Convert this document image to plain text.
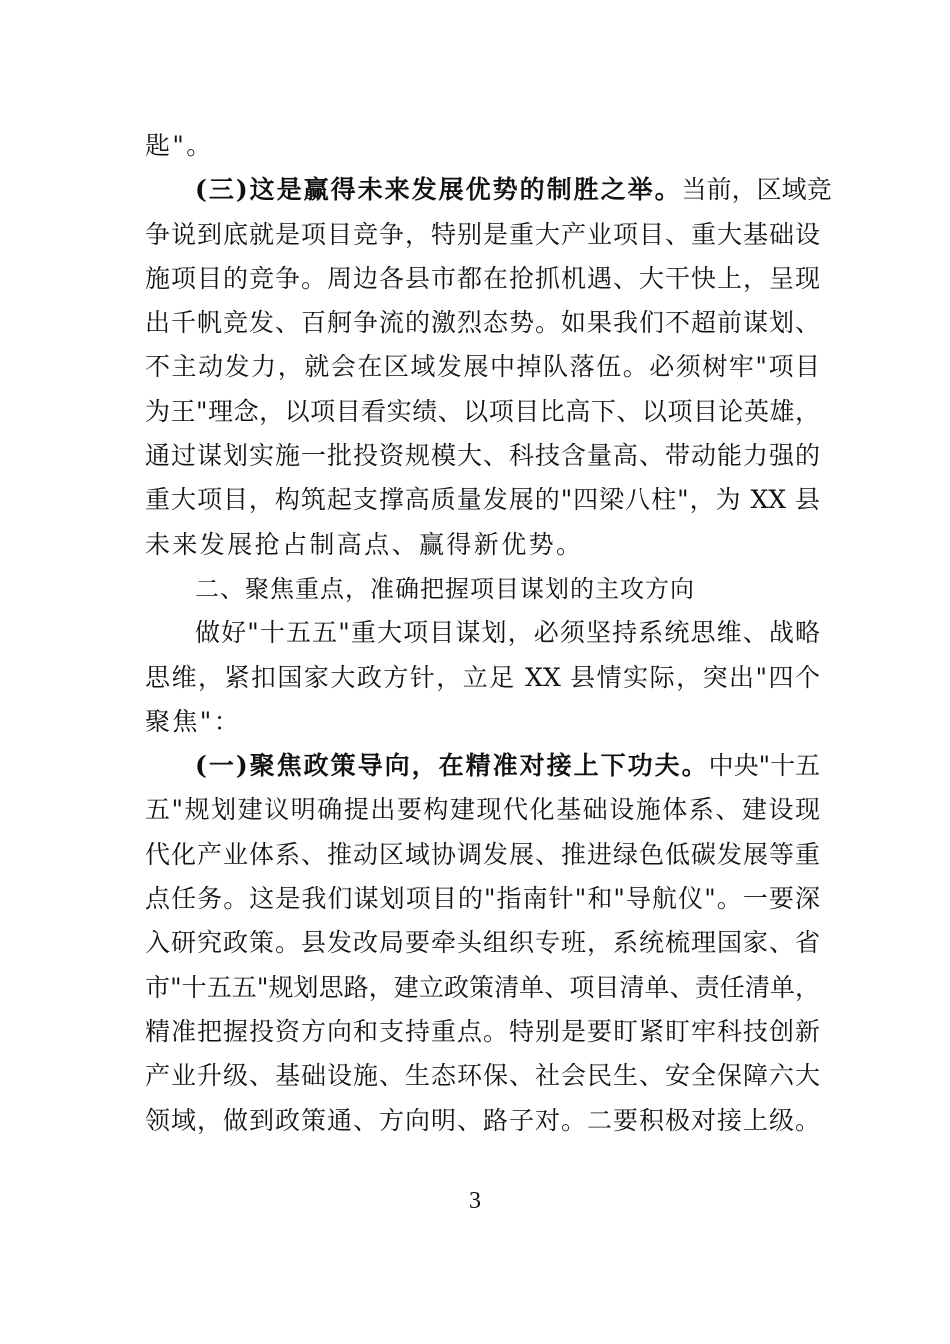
匙"。
(三)这是赢得未来发展优势的制胜之举。当前，区域竞
争说到底就是项目竞争，特别是重大产业项目、重大基础设
施项目的竞争。周边各县市都在抢抓机遇、大干快上，呈现
出千帆竞发、百舸争流的激烈态势。如果我们不超前谋划、
不主动发力，就会在区域发展中掉队落伍。必须树牢"项目
为王"理念，以项目看实绩、以项目比高下、以项目论英雄，
通过谋划实施一批投资规模大、科技含量高、带动能力强的
重大项目，构筑起支撑高质量发展的"四梁八柱"，为 XX 县
未来发展抢占制高点、赢得新优势。
二、聚焦重点，准确把握项目谋划的主攻方向
做好"十五五"重大项目谋划，必须坚持系统思维、战略
思维，紧扣国家大政方针，立足 XX 县情实际，突出"四个
聚焦"：
(一)聚焦政策导向，在精准对接上下功夫。中央"十五
五"规划建议明确提出要构建现代化基础设施体系、建设现
代化产业体系、推动区域协调发展、推进绿色低碳发展等重
点任务。这是我们谋划项目的"指南针"和"导航仪"。一要深
入研究政策。县发改局要牵头组织专班，系统梳理国家、省
市"十五五"规划思路，建立政策清单、项目清单、责任清单，
精准把握投资方向和支持重点。特别是要盯紧盯牢科技创新
产业升级、基础设施、生态环保、社会民生、安全保障六大
领域，做到政策通、方向明、路子对。二要积极对接上级。
3
